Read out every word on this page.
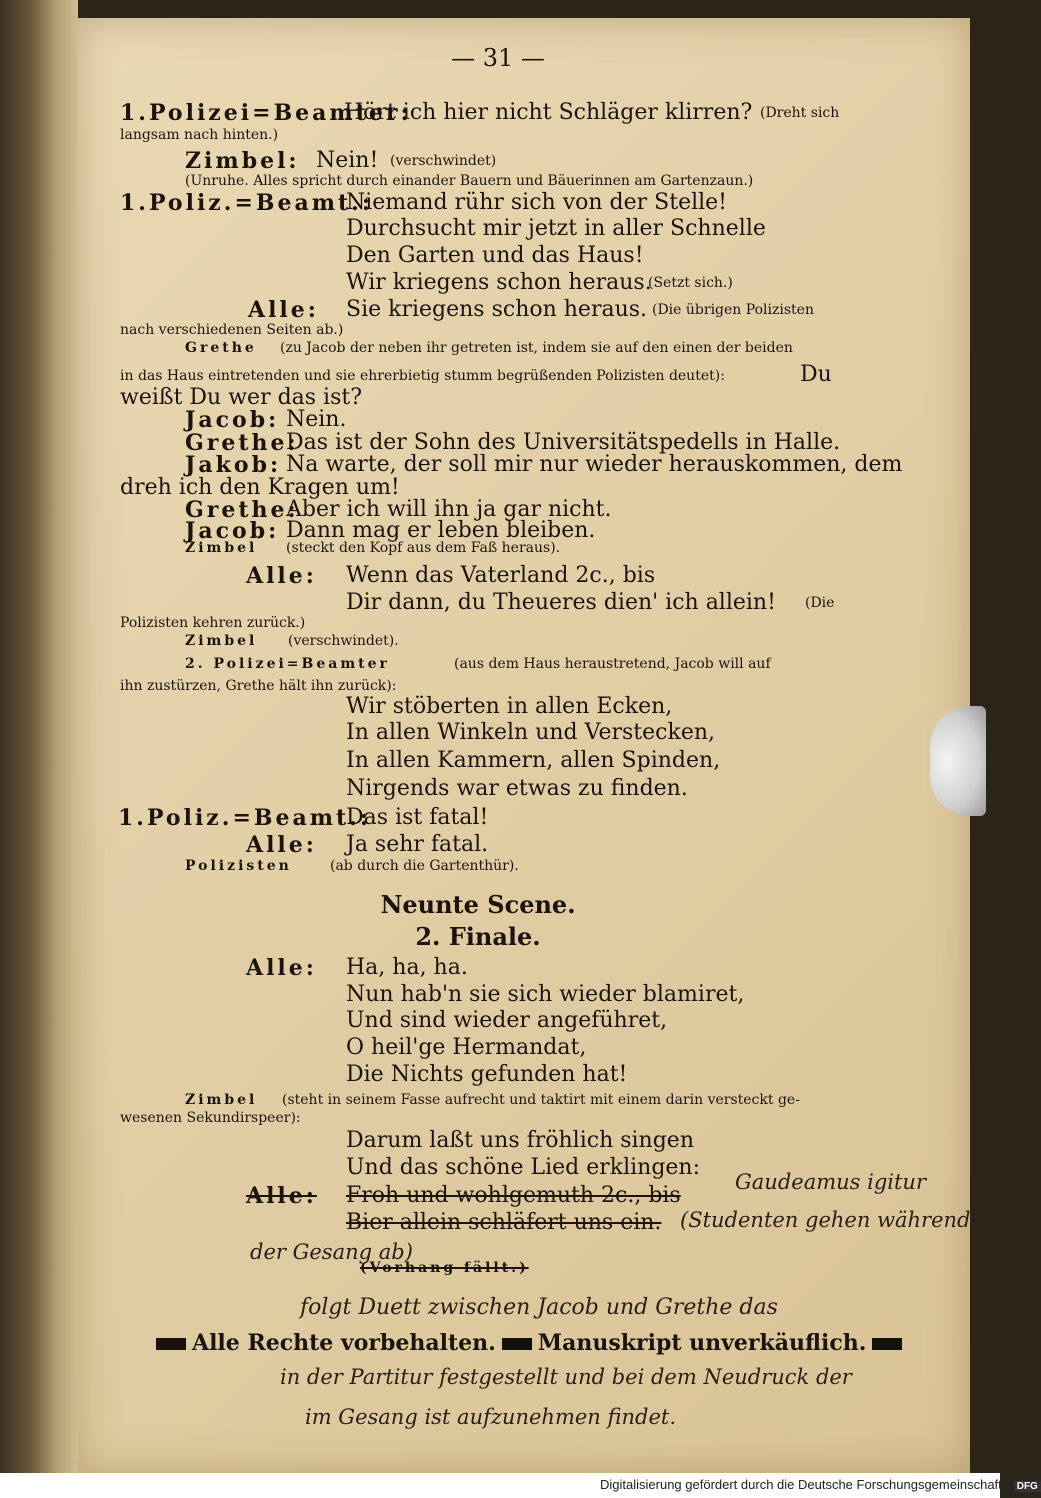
— 31 —
1.Polizei=Beamter:
Hört ich hier nicht Schläger klirren? (Dreht sich
langsam nach hinten.)
Zimbel: Nein! (verschwindet)
(Unruhe. Alles spricht durch einander Bauern und Bäuerinnen am Gartenzaun.)
1.Poliz.=Beamt.:
Niemand rühr sich von der Stelle!
Durchsucht mir jetzt in aller Schnelle
Den Garten und das Haus!
Wir kriegens schon heraus.
(Setzt sich.)
Alle: Sie kriegens schon heraus. (Die übrigen Polizisten
nach verschiedenen Seiten ab.)
Grethe (zu Jacob der neben ihr getreten ist, indem sie auf den einen der beiden
in das Haus eintretenden und sie ehrerbietig stumm begrüßenden Polizisten deutet):	Du
weißt Du wer das ist?
Jacob: Nein.
Grethe:
Das ist der Sohn des Universitätspedells in Halle.
Jakob: Na warte, der soll mir nur wieder herauskommen, dem
dreh ich den Kragen um!
Grethe:
Aber ich will ihn ja gar nicht.
Jacob: Dann mag er leben bleiben.
Zimbel (steckt den Kopf aus dem Faß heraus).
Alle: Wenn das Vaterland 2c., bis
Dir dann, du Theueres dien' ich allein! (Die
Polizisten kehren zurück.)
Zimbel (verschwindet).
2. Polizei=Beamter	(aus dem Haus heraustretend, Jacob will auf
ihn zustürzen, Grethe hält ihn zurück):
Wir stöberten in allen Ecken,
In allen Winkeln und Verstecken,
In allen Kammern, allen Spinden,
Nirgends war etwas zu finden.
1.Poliz.=Beamt.:
Das ist fatal!
Alle: Ja sehr fatal.
Polizisten	(ab durch die Gartenthür).
Neunte Scene.
2. Finale.
Alle: Ha, ha, ha.
Nun hab'n sie sich wieder blamiret,
Und sind wieder angeführet,
O heil'ge Hermandat,
Die Nichts gefunden hat!
Zimbel (steht in seinem Fasse aufrecht und taktirt mit einem darin versteckt ge-
wesenen Sekundirspeer):
Darum laßt uns fröhlich singen
Und das schöne Lied erklingen:
Alle: Froh und wohlgemuth 2c., bis
Bier allein schläfert uns ein.
(Vorhang fällt.)
Alle Rechte vorbehalten. Manuskript unverkäuflich.
Gaudeamus igitur
(Studenten gehen während
der Gesang ab)
folgt Duett zwischen Jacob und Grethe das
in der Partitur festgestellt und bei dem Neudruck der
im Gesang ist aufzunehmen findet.
Digitalisierung gefördert durch die Deutsche Forschungsgemeinschaft · DFG
